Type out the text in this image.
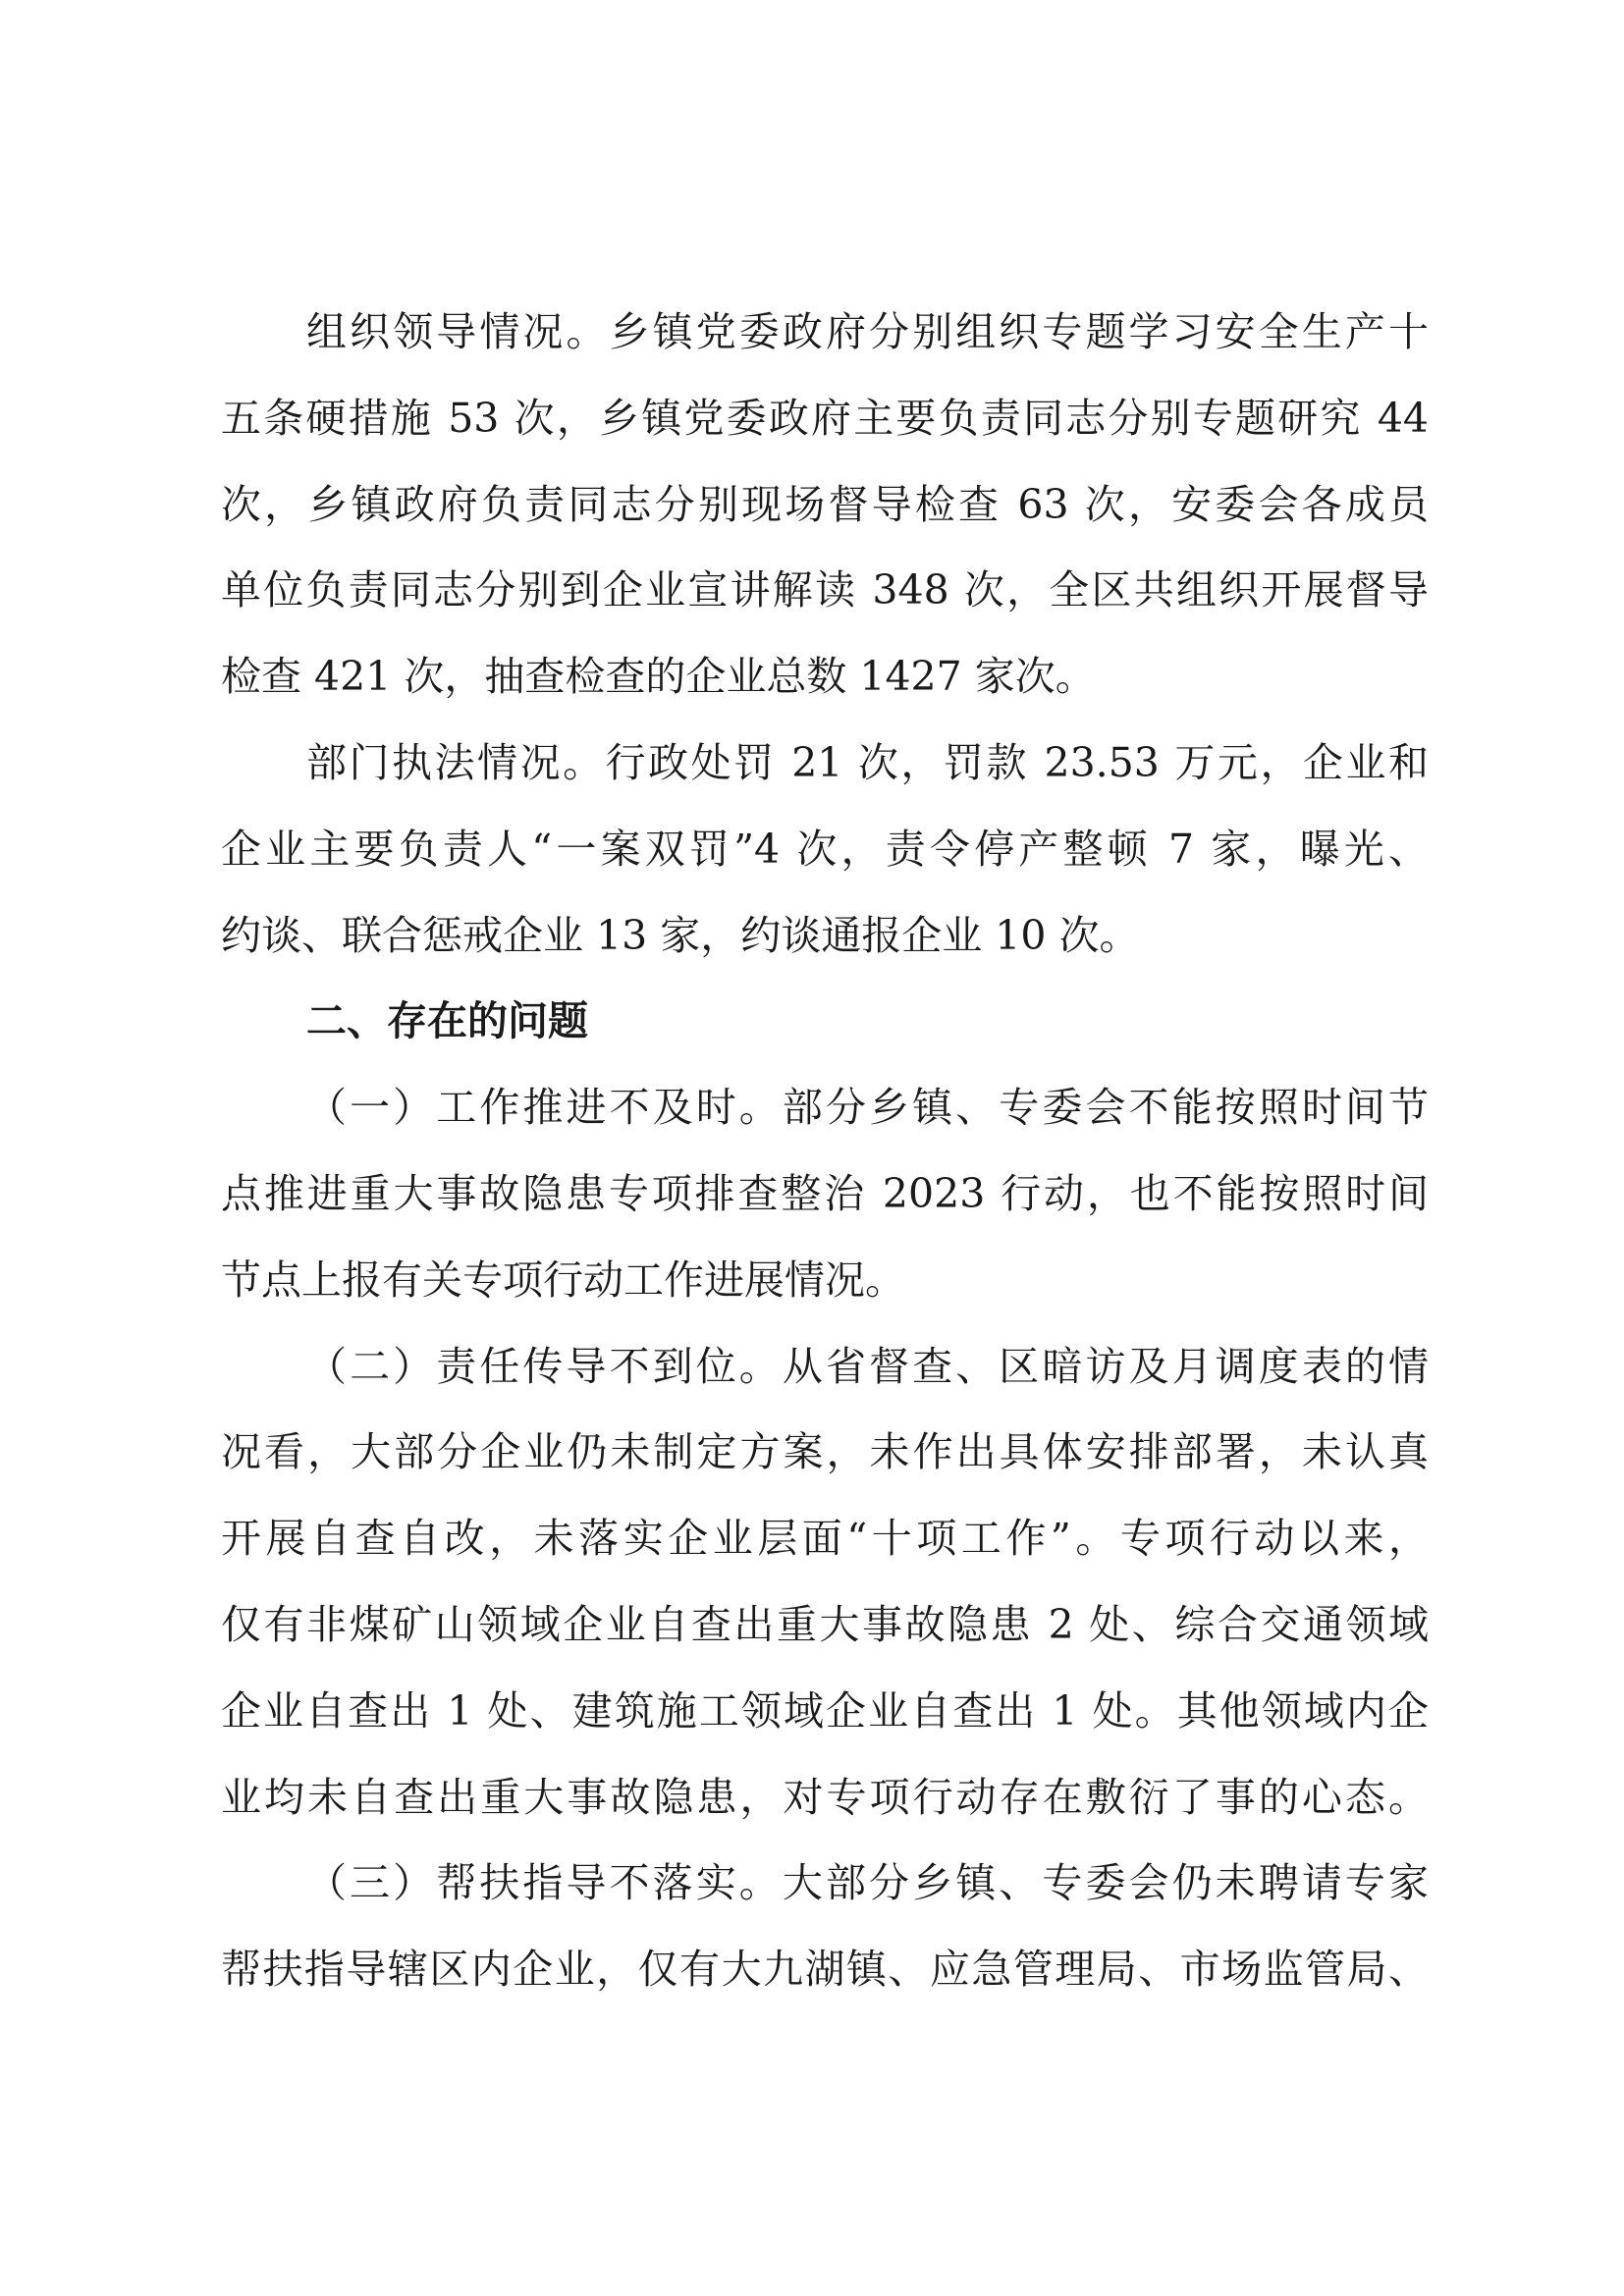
组织领导情况。乡镇党委政府分别组织专题学习安全生产十
五条硬措施 53 次，乡镇党委政府主要负责同志分别专题研究 44
次，乡镇政府负责同志分别现场督导检查 63 次，安委会各成员
单位负责同志分别到企业宣讲解读 348 次，全区共组织开展督导
检查 421 次，抽查检查的企业总数 1427 家次。
部门执法情况。行政处罚 21 次，罚款 23.53 万元，企业和
企业主要负责人“一案双罚”4 次，责令停产整顿 7 家，曝光、
约谈、联合惩戒企业 13 家，约谈通报企业 10 次。
二、存在的问题
（一）工作推进不及时。部分乡镇、专委会不能按照时间节
点推进重大事故隐患专项排查整治 2023 行动，也不能按照时间
节点上报有关专项行动工作进展情况。
（二）责任传导不到位。从省督查、区暗访及月调度表的情
况看，大部分企业仍未制定方案，未作出具体安排部署，未认真
开展自查自改，未落实企业层面“十项工作”。专项行动以来，
仅有非煤矿山领域企业自查出重大事故隐患 2 处、综合交通领域
企业自查出 1 处、建筑施工领域企业自查出 1 处。其他领域内企
业均未自查出重大事故隐患，对专项行动存在敷衍了事的心态。
（三）帮扶指导不落实。大部分乡镇、专委会仍未聘请专家
帮扶指导辖区内企业，仅有大九湖镇、应急管理局、市场监管局、
